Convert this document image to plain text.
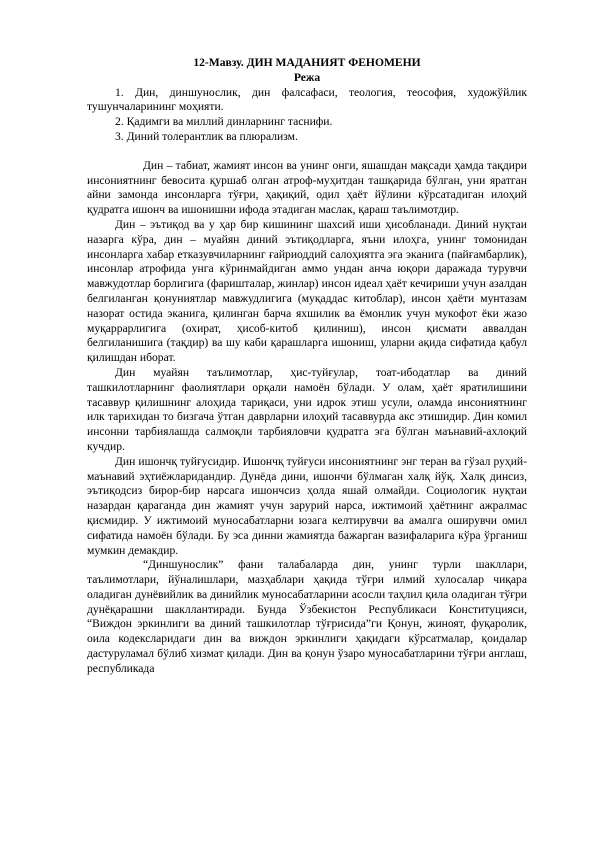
12-Мавзу. ДИН МАДАНИЯТ ФЕНОМЕНИ

Режа

1. Дин, диншунослик, дин фалсафаси, теология, теософия, художўйлик тушунчаларининг моҳияти.

2. Қадимги ва миллий динларнинг таснифи.

3. Диний толерантлик ва плюрализм.

Дин – табиат, жамият инсон ва унинг онги, яшашдан мақсади ҳамда тақдири инсониятнинг бевосита қуршаб олган атроф-муҳитдан ташқарида бўлган, уни яратган айни замонда инсонларга тўғри, ҳақиқий, одил ҳаёт йўлини кўрсатадиган илоҳий қудратга ишонч ва ишонишни ифода этадиган маслак, қараш таълимотдир.

Дин – эътиқод ва у ҳар бир кишининг шахсий иши ҳисобланади. Диний нуқтаи назарга кўра, дин – муайян диний эътиқодларга, яъни илоҳга, унинг томонидан инсонларга хабар етказувчиларнинг ғайриоддий салоҳиятга эга эканига (пайғамбарлик), инсонлар атрофида унга кўринмайдиган аммо ундан анча юқори даражада турувчи мавжудотлар борлигига (фаришталар, жинлар) инсон идеал ҳаёт кечириши учун азалдан белгиланган қонуниятлар мавжудлигига (муқаддас китоблар), инсон ҳаёти мунтазам назорат остида эканига, қилинган барча яхшилик ва ёмонлик учун мукофот ёки жазо муқаррарлигига (охират, ҳисоб-китоб қилиниш), инсон қисмати аввалдан белгиланишига (тақдир) ва шу каби қарашларга ишониш, уларни ақида сифатида қабул қилишдан иборат.

Дин муайян таълимотлар, ҳис-туйғулар, тоат-ибодатлар ва диний ташкилотларнинг фаолиятлари орқали намоён бўлади. У олам, ҳаёт яратилишини тасаввур қилишнинг алоҳида тариқаси, уни идрок этиш усули, оламда инсониятнинг илк тарихидан то бизгача ўтган даврларни илоҳий тасаввурда акс этишидир. Дин комил инсонни тарбиялашда салмоқли тарбияловчи қудратга эга бўлган маънавий-ахлоқий кучдир.

Дин ишончқ туйғусидир. Ишончқ туйғуси инсониятнинг энг теран ва гўзал руҳий-маънавий эҳтиёжларидандир. Дунёда дини, ишончи бўлмаган халқ йўқ. Халқ динсиз, эътиқодсиз бирор-бир нарсага ишончсиз ҳолда яшай олмайди. Социологик нуқтаи назардан қараганда дин жамият учун зарурий нарса, ижтимоий ҳаётнинг ажралмас қисмидир. У ижтимоий муносабатларни юзага келтирувчи ва амалга оширувчи омил сифатида намоён бўлади. Бу эса динни жамиятда бажарган вазифаларига кўра ўрганиш мумкин демакдир.

“Диншунослик” фани талабаларда дин, унинг турли шакллари, таълимотлари, йўналишлари, мазҳаблари ҳақида тўғри илмий хулосалар чиқара оладиган дунёвийлик ва динийлик муносабатларини асосли таҳлил қила оладиган тўғри дунёқарашни шакллантиради. Бунда Ўзбекистон Республикаси Конституцияси, “Виждон эркинлиги ва диний ташкилотлар тўғрисида”ги Қонун, жиноят, фуқаролик, оила кодексларидаги дин ва виждон эркинлиги ҳақидаги кўрсатмалар, қоидалар дастуруламал бўлиб хизмат қилади. Дин ва қонун ўзаро муносабатларини тўғри англаш, республикада
